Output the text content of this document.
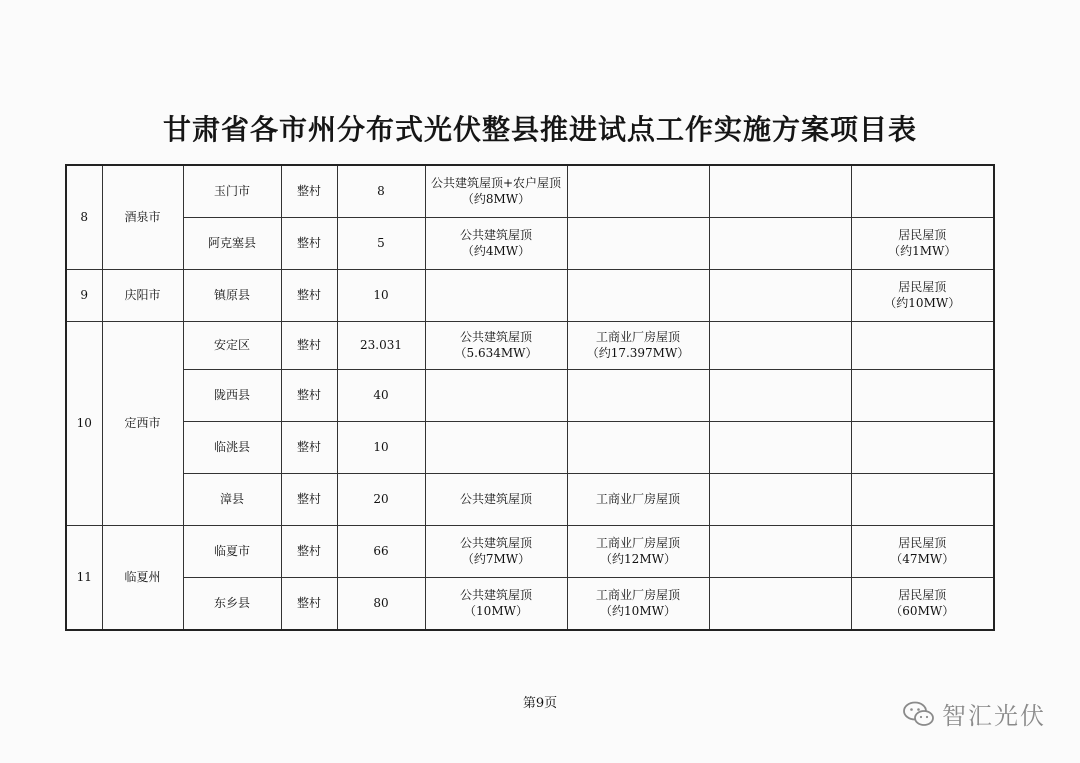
甘肃省各市州分布式光伏整县推进试点工作实施方案项目表
8	酒泉市	玉门市	整村	8	公共建筑屋顶+农户屋顶
（约8MW）			
		阿克塞县	整村	5	公共建筑屋顶
（约4MW）			居民屋顶
（约1MW）
9	庆阳市	镇原县	整村	10				居民屋顶
（约10MW）
10	定西市	安定区	整村	23.031	公共建筑屋顶
（5.634MW）	工商业厂房屋顶
（约17.397MW）		
		陇西县	整村	40				
		临洮县	整村	10				
		漳县	整村	20	公共建筑屋顶	工商业厂房屋顶		
11	临夏州	临夏市	整村	66	公共建筑屋顶
（约7MW）	工商业厂房屋顶
（约12MW）		居民屋顶
（47MW）
		东乡县	整村	80	公共建筑屋顶
（10MW）	工商业厂房屋顶
（约10MW）		居民屋顶
（60MW）
第9页	智汇光伏
